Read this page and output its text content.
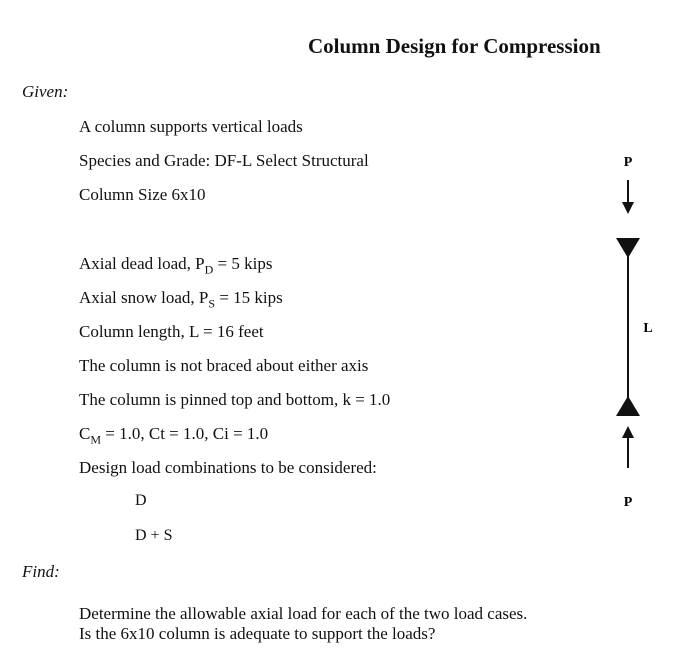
Column Design for Compression
Given:
A column supports vertical loads
Species and Grade: DF-L Select Structural
Column Size 6x10
Axial dead load, $P_D = 5$ kips
Axial snow load, $P_S = 15$ kips
Column length, L = 16 feet
The column is not braced about either axis
The column is pinned top and bottom, k = 1.0
$C_M = 1.0$, Ct = 1.0, Ci = 1.0
Design load combinations to be considered:
D
D + S
Find:
Determine the allowable axial load for each of the two load cases.
Is the 6x10 column is adequate to support the loads?
P
L
P
